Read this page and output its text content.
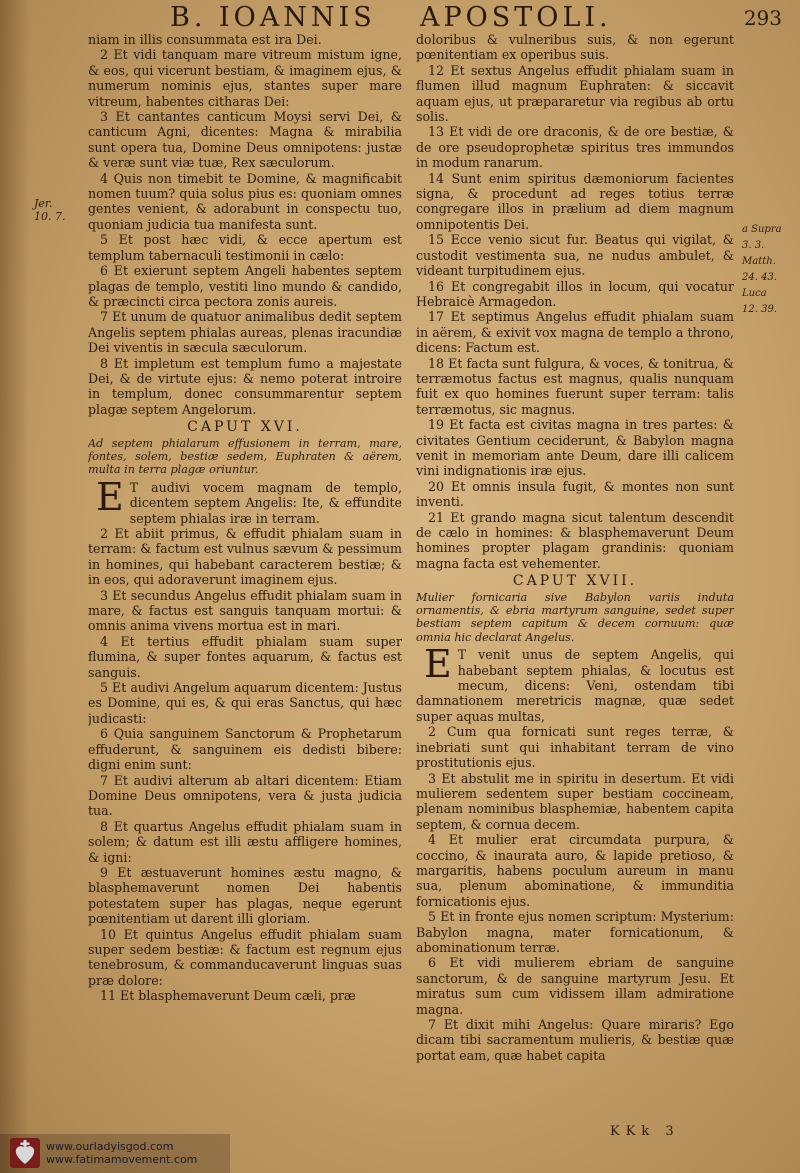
B. IOANNIS APOSTOLI.	293
Jer.
10. 7.
a Supra
3. 3.
Matth.
24. 43.
Luca
12. 39.

niam in illis consummata est ira Dei.

2 Et vidi tanquam mare vitreum mistum igne, & eos, qui vicerunt bestiam, & imaginem ejus, & numerum nominis ejus, stantes super mare vitreum, habentes citharas Dei:

3 Et cantantes canticum Moysi servi Dei, & canticum Agni, dicentes: Magna & mirabilia sunt opera tua, Domine Deus omnipotens: justæ & veræ sunt viæ tuæ, Rex sæculorum.

4 Quis non timebit te Domine, & magnificabit nomen tuum? quia solus pius es: quoniam omnes gentes venient, & adorabunt in conspectu tuo, quoniam judicia tua manifesta sunt.

5 Et post hæc vidi, & ecce apertum est templum tabernaculi testimonii in cælo:

6 Et exierunt septem Angeli habentes septem plagas de templo, vestiti lino mundo & candido, & præcincti circa pectora zonis aureis.

7 Et unum de quatuor animalibus dedit septem Angelis septem phialas aureas, plenas iracundiæ Dei viventis in sæcula sæculorum.

8 Et impletum est templum fumo a majestate Dei, & de virtute ejus: & nemo poterat introire in templum, donec consummarentur septem plagæ septem Angelorum.

CAPUT XVI.
Ad septem phialarum effusionem in terram, mare, fontes, solem, bestiæ sedem, Euphraten & aërem, multa in terra plagæ oriuntur.

E T audivi vocem magnam de templo, dicentem septem Angelis: Ite, & effundite septem phialas iræ in terram.

2 Et abiit primus, & effudit phialam suam in terram: & factum est vulnus sævum & pessimum in homines, qui habebant caracterem bestiæ; & in eos, qui adoraverunt imaginem ejus.

3 Et secundus Angelus effudit phialam suam in mare, & factus est sanguis tanquam mortui: & omnis anima vivens mortua est in mari.

4 Et tertius effudit phialam suam super flumina, & super fontes aquarum, & factus est sanguis.

5 Et audivi Angelum aquarum dicentem: Justus es Domine, qui es, & qui eras Sanctus, qui hæc judicasti:

6 Quia sanguinem Sanctorum & Prophetarum effuderunt, & sanguinem eis dedisti bibere: digni enim sunt:

7 Et audivi alterum ab altari dicentem: Etiam Domine Deus omnipotens, vera & justa judicia tua.

8 Et quartus Angelus effudit phialam suam in solem; & datum est illi æstu affligere homines, & igni:

9 Et æstuaverunt homines æstu magno, & blasphemaverunt nomen Dei habentis potestatem super has plagas, neque egerunt pœnitentiam ut darent illi gloriam.

10 Et quintus Angelus effudit phialam suam super sedem bestiæ: & factum est regnum ejus tenebrosum, & commanducaverunt linguas suas præ dolore:

11 Et blasphemaverunt Deum cæli, præ

doloribus & vulneribus suis, & non egerunt pœnitentiam ex operibus suis.

12 Et sextus Angelus effudit phialam suam in flumen illud magnum Euphraten: & siccavit aquam ejus, ut præpararetur via regibus ab ortu solis.

13 Et vidi de ore draconis, & de ore bestiæ, & de ore pseudoprophetæ spiritus tres immundos in modum ranarum.

14 Sunt enim spiritus dæmoniorum facientes signa, & procedunt ad reges totius terræ congregare illos in prælium ad diem magnum omnipotentis Dei.

15 Ecce venio sicut fur. Beatus qui vigilat, & custodit vestimenta sua, ne nudus ambulet, & videant turpitudinem ejus.

16 Et congregabit illos in locum, qui vocatur Hebraicè Armagedon.

17 Et septimus Angelus effudit phialam suam in aërem, & exivit vox magna de templo a throno, dicens: Factum est.

18 Et facta sunt fulgura, & voces, & tonitrua, & terræmotus factus est magnus, qualis nunquam fuit ex quo homines fuerunt super terram: talis terræmotus, sic magnus.

19 Et facta est civitas magna in tres partes: & civitates Gentium ceciderunt, & Babylon magna venit in memoriam ante Deum, dare illi calicem vini indignationis iræ ejus.

20 Et omnis insula fugit, & montes non sunt inventi.

21 Et grando magna sicut talentum descendit de cælo in homines: & blasphemaverunt Deum homines propter plagam grandinis: quoniam magna facta est vehementer.

CAPUT XVII.
Mulier fornicaria sive Babylon variis induta ornamentis, & ebria martyrum sanguine, sedet super bestiam septem capitum & decem cornuum: quæ omnia hic declarat Angelus.

E T venit unus de septem Angelis, qui habebant septem phialas, & locutus est mecum, dicens: Veni, ostendam tibi damnationem meretricis magnæ, quæ sedet super aquas multas,

2 Cum qua fornicati sunt reges terræ, & inebriati sunt qui inhabitant terram de vino prostitutionis ejus.

3 Et abstulit me in spiritu in desertum. Et vidi mulierem sedentem super bestiam coccineam, plenam nominibus blasphemiæ, habentem capita septem, & cornua decem.

4 Et mulier erat circumdata purpura, & coccino, & inaurata auro, & lapide pretioso, & margaritis, habens poculum aureum in manu sua, plenum abominatione, & immunditia fornicationis ejus.

5 Et in fronte ejus nomen scriptum: Mysterium: Babylon magna, mater fornicationum, & abominationum terræ.

6 Et vidi mulierem ebriam de sanguine sanctorum, & de sanguine martyrum Jesu. Et miratus sum cum vidissem illam admiratione magna.

7 Et dixit mihi Angelus: Quare miraris? Ego dicam tibi sacramentum mulieris, & bestiæ quæ portat eam, quæ habet capita

KKk 3
www.ourladyisgod.com
www.fatimamovement.com
